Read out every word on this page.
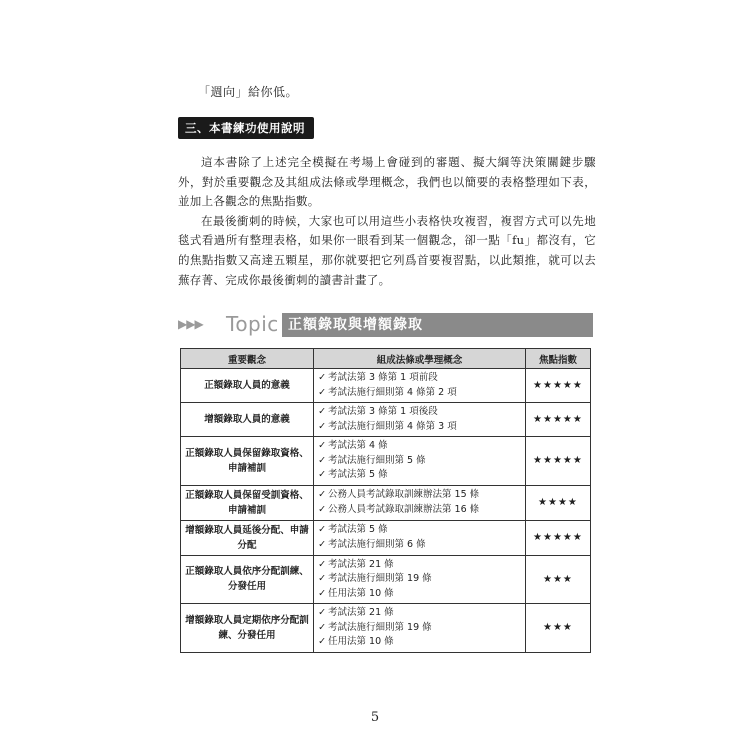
「週向」給你低。
三、本書練功使用說明

這本書除了上述完全模擬在考場上會碰到的審題、擬大綱等決策關鍵步驟外，對於重要觀念及其組成法條或學理概念，我們也以簡要的表格整理如下表，並加上各觀念的焦點指數。

在最後衝刺的時候，大家也可以用這些小表格快攻複習，複習方式可以先地毯式看過所有整理表格，如果你一眼看到某一個觀念，卻一點「fu」都沒有，它的焦點指數又高達五顆星，那你就要把它列爲首要複習點，以此類推，就可以去蕪存菁、完成你最後衝刺的讀書計畫了。

▶▶▶ Topic 正額錄取與增額錄取
重要觀念	組成法條或學理概念	焦點指數
正額錄取人員的意義	✓ 考試法第 3 條第 1 項前段
✓ 考試法施行細則第 4 條第 2 項	★★★★★
增額錄取人員的意義	✓ 考試法第 3 條第 1 項後段
✓ 考試法施行細則第 4 條第 3 項	★★★★★
正額錄取人員保留錄取資格、申請補訓	✓ 考試法第 4 條
✓ 考試法施行細則第 5 條
✓ 考試法第 5 條	★★★★★
正額錄取人員保留受訓資格、申請補訓	✓ 公務人員考試錄取訓練辦法第 15 條
✓ 公務人員考試錄取訓練辦法第 16 條	★★★★
增額錄取人員延後分配、申請分配	✓ 考試法第 5 條
✓ 考試法施行細則第 6 條	★★★★★
正額錄取人員依序分配訓練、分發任用	✓ 考試法第 21 條
✓ 考試法施行細則第 19 條
✓ 任用法第 10 條	★★★
增額錄取人員定期依序分配訓練、分發任用	✓ 考試法第 21 條
✓ 考試法施行細則第 19 條
✓ 任用法第 10 條	★★★
5
